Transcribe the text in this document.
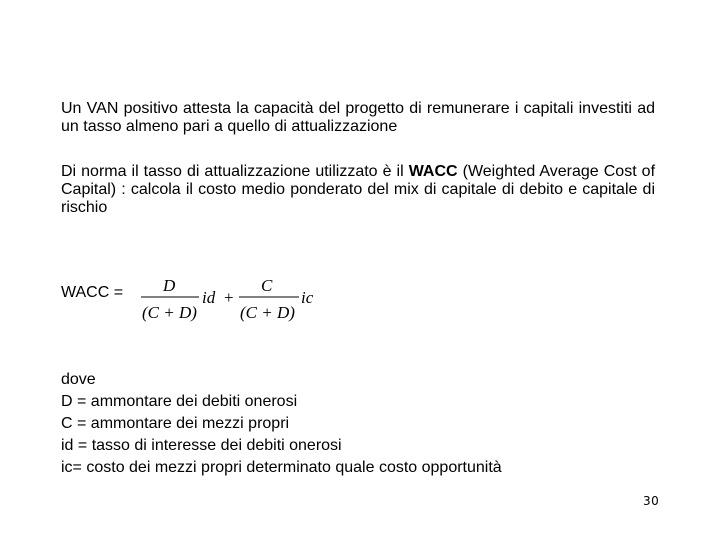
Un VAN positivo attesta la capacità del progetto di remunerare i capitali investiti ad un tasso almeno pari a quello di attualizzazione

Di norma il tasso di attualizzazione utilizzato è il WACC (Weighted Average Cost of Capital) : calcola il costo medio ponderato del mix di capitale di debito e capitale di rischio

WACC = D
(C + D)
id +
C
(C + D)
ic
dove
D = ammontare dei debiti onerosi
C = ammontare dei mezzi propri
id = tasso di interesse dei debiti onerosi
ic= costo dei mezzi propri determinato quale costo opportunità
30
